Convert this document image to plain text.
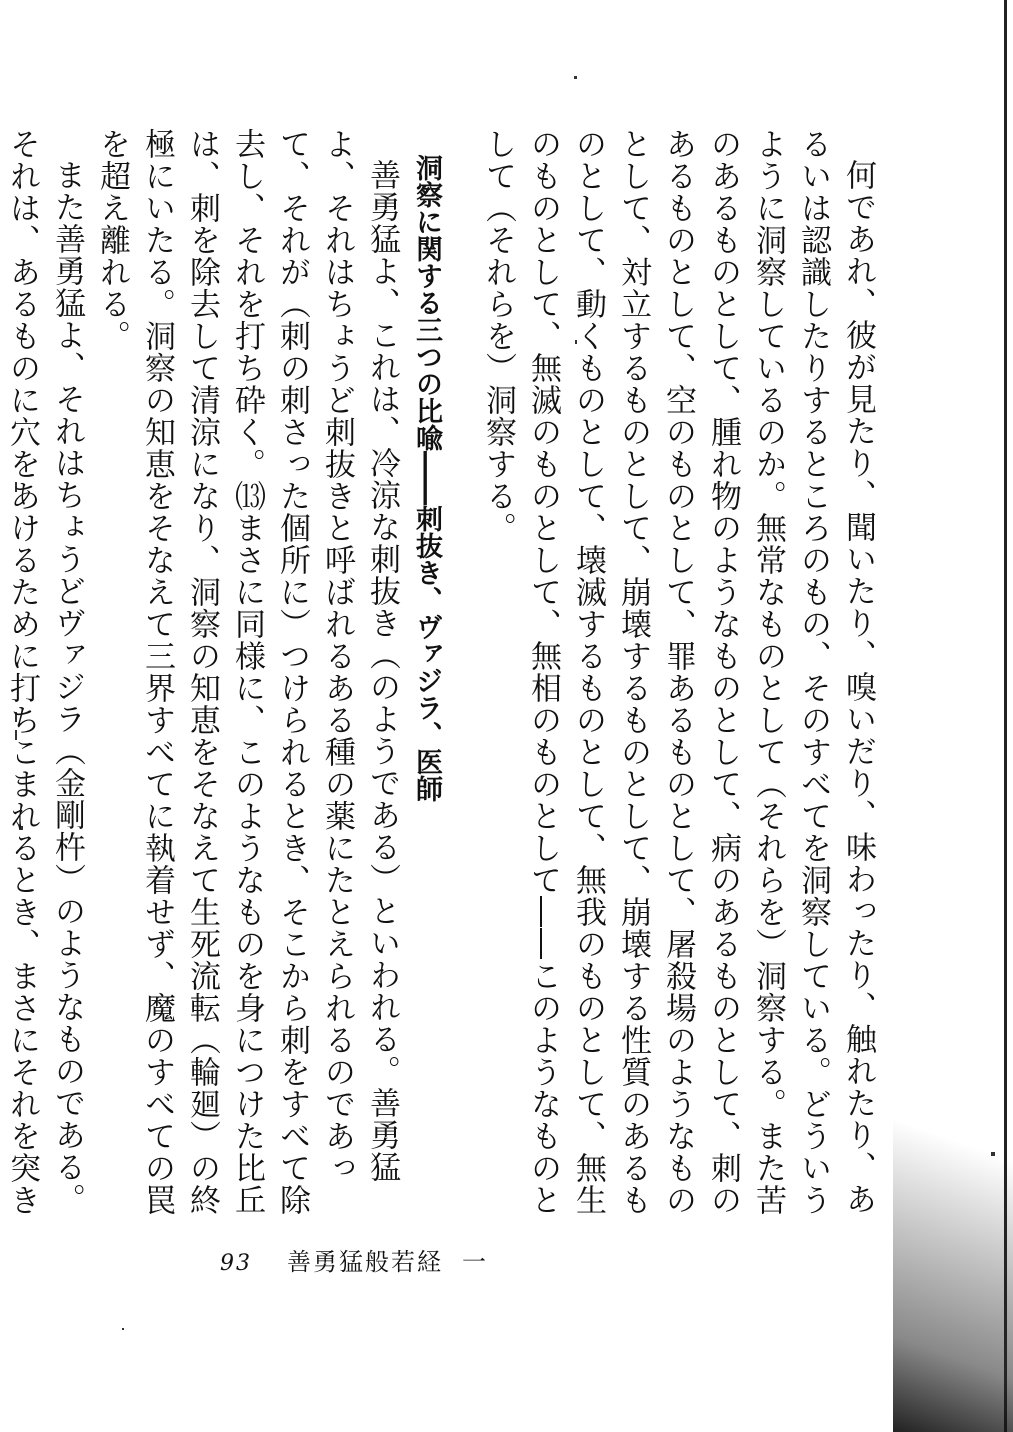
何であれ、彼が見たり、聞いたり、嗅いだり、味わったり、触れたり、あるいは認識したりするところのもの、そのすべてを洞察している。どういうように洞察しているのか。無常なものとして（それらを）洞察する。また苦のあるものとして、腫れ物のようなものとして、病のあるものとして、刺のあるものとして、空のものとして、罪あるものとして、屠殺場のようなものとして、対立するものとして、崩壊するものとして、崩壊する性質のあるものとして、動くものとして、壊滅するものとして、無我のものとして、無生のものとして、無滅のものとして、無相のものとして――このようなものとして（それらを）洞察する。

洞察に関する三つの比喩――刺抜き、ヴァジラ、医師

善勇猛よ、これは、冷涼な刺抜き（のようである）といわれる。善勇猛よ、それはちょうど刺抜きと呼ばれるある種の薬にたとえられるのであって、それが（刺の刺さった個所に）つけられるとき、そこから刺をすべて除去し、それを打ち砕く。⒀まさに同様に、このようなものを身につけた比丘は、刺を除去して清涼になり、洞察の知恵をそなえて生死流転（輪廻）の終極にいたる。洞察の知恵をそなえて三界すべてに執着せず、魔のすべての罠を超え離れる。

また善勇猛よ、それはちょうどヴァジラ（金剛杵）のようなものである。それは、あるものに穴をあけるために打ちこまれるとき、まさにそれを突き

93 善勇猛般若経 一
